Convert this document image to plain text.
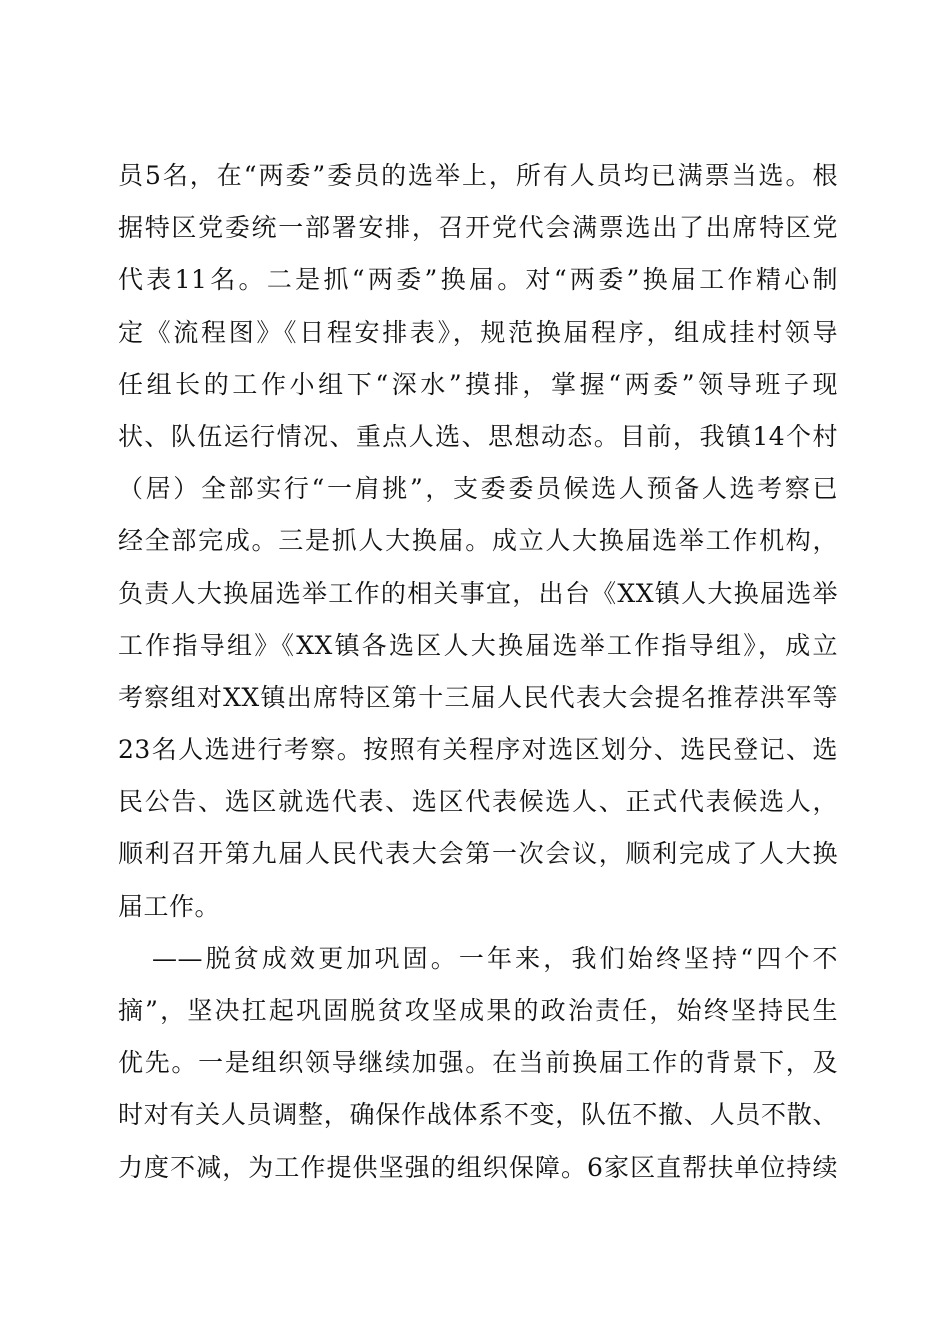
员5名，在“两委”委员的选举上，所有人员均已满票当选。根
据特区党委统一部署安排，召开党代会满票选出了出席特区党
代表11名。二是抓“两委”换届。对“两委”换届工作精心制
定《流程图》《日程安排表》，规范换届程序，组成挂村领导
任组长的工作小组下“深水”摸排，掌握“两委”领导班子现
状、队伍运行情况、重点人选、思想动态。目前，我镇14个村
（居）全部实行“一肩挑”，支委委员候选人预备人选考察已
经全部完成。三是抓人大换届。成立人大换届选举工作机构，
负责人大换届选举工作的相关事宜，出台《XX镇人大换届选举
工作指导组》《XX镇各选区人大换届选举工作指导组》，成立
考察组对XX镇出席特区第十三届人民代表大会提名推荐洪军等
23名人选进行考察。按照有关程序对选区划分、选民登记、选
民公告、选区就选代表、选区代表候选人、正式代表候选人，
顺利召开第九届人民代表大会第一次会议，顺利完成了人大换
届工作。
——脱贫成效更加巩固。一年来，我们始终坚持“四个不
摘”，坚决扛起巩固脱贫攻坚成果的政治责任，始终坚持民生
优先。一是组织领导继续加强。在当前换届工作的背景下，及
时对有关人员调整，确保作战体系不变，队伍不撤、人员不散、
力度不减，为工作提供坚强的组织保障。6家区直帮扶单位持续
